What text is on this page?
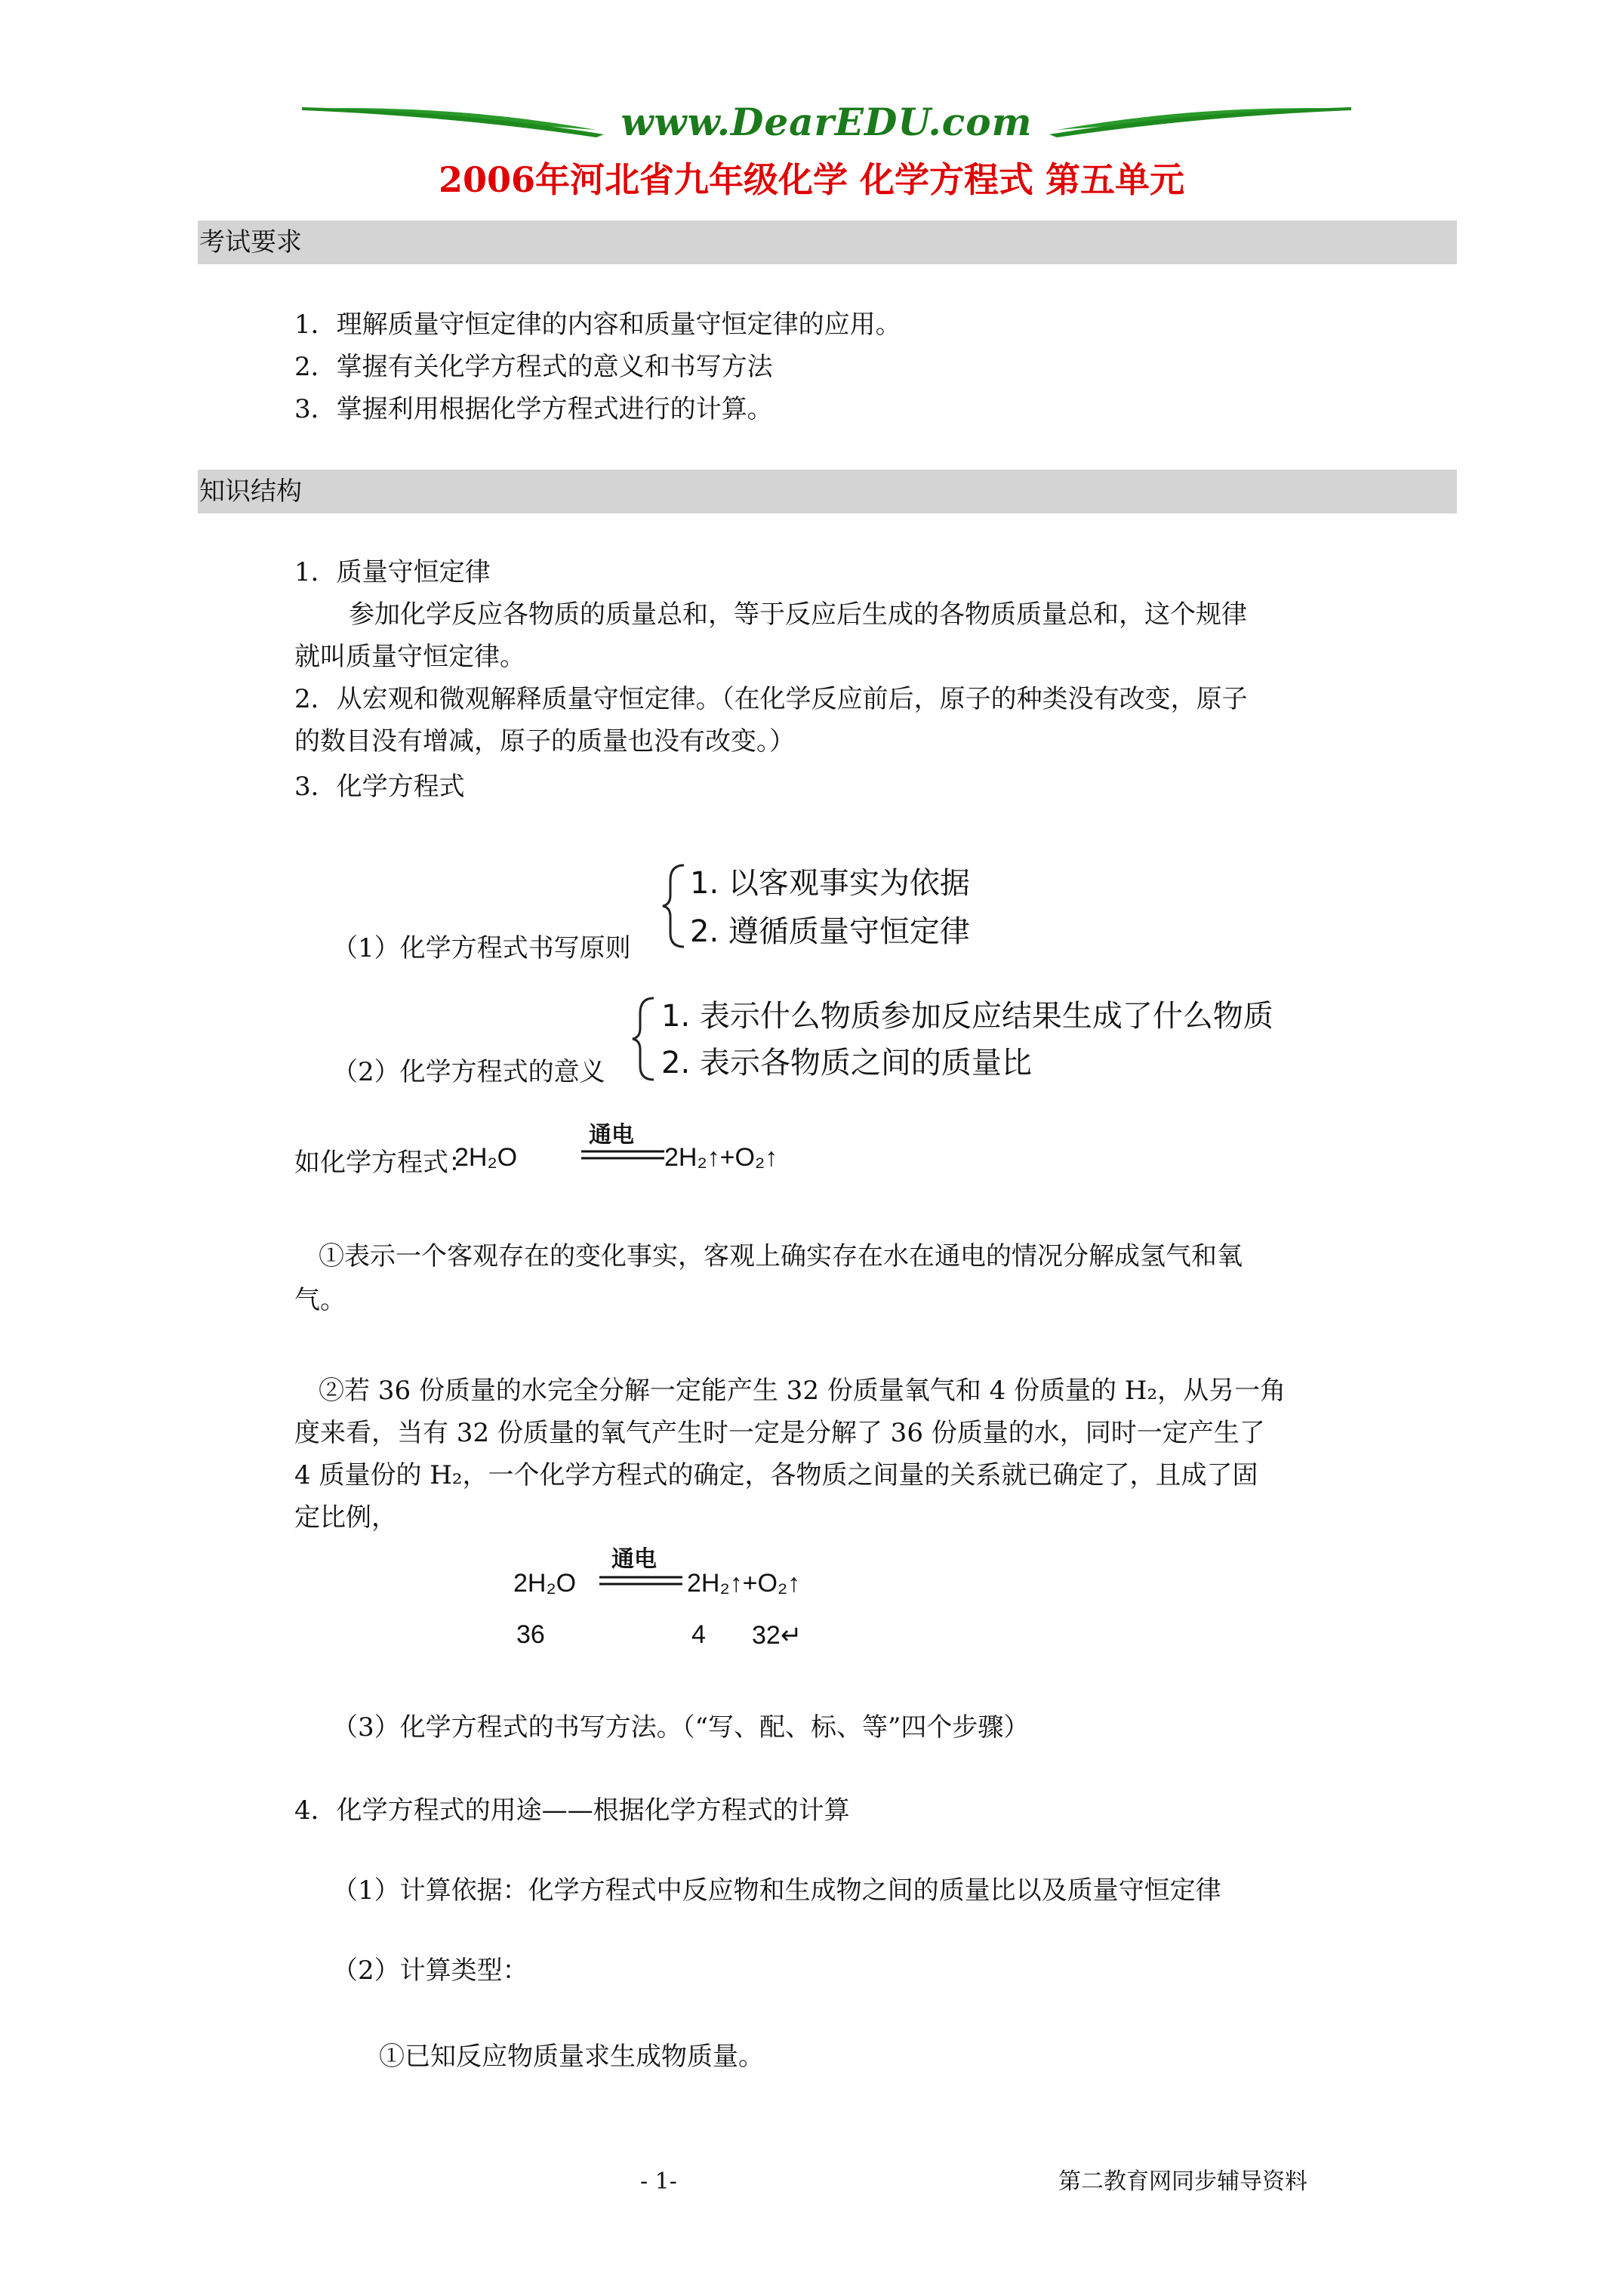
www.DearEDU.com
2006年河北省九年级化学 化学方程式 第五单元
考试要求
1．理解质量守恒定律的内容和质量守恒定律的应用。
2．掌握有关化学方程式的意义和书写方法
3．掌握利用根据化学方程式进行的计算。
知识结构
1．质量守恒定律
参加化学反应各物质的质量总和，等于反应后生成的各物质质量总和，这个规律
就叫质量守恒定律。
2．从宏观和微观解释质量守恒定律。（在化学反应前后，原子的种类没有改变，原子
的数目没有增减，原子的质量也没有改变。）
3．化学方程式
（1）化学方程式书写原则
1. 以客观事实为依据
2. 遵循质量守恒定律
（2）化学方程式的意义
1. 表示什么物质参加反应结果生成了什么物质
2. 表示各物质之间的质量比
如化学方程式：
2H₂O
通电
2H₂↑+O₂↑
①表示一个客观存在的变化事实，客观上确实存在水在通电的情况分解成氢气和氧
气。
②若 36 份质量的水完全分解一定能产生 32 份质量氧气和 4 份质量的 H₂，从另一角
度来看，当有 32 份质量的氧气产生时一定是分解了 36 份质量的水，同时一定产生了
4 质量份的 H₂，一个化学方程式的确定，各物质之间量的关系就已确定了，且成了固
定比例，
2H₂O
通电
2H₂↑+O₂↑
36	4 32↵
（3）化学方程式的书写方法。（“写、配、标、等”四个步骤）
4．化学方程式的用途——根据化学方程式的计算
（1）计算依据：化学方程式中反应物和生成物之间的质量比以及质量守恒定律
（2）计算类型：
①已知反应物质量求生成物质量。
- 1-	第二教育网同步辅导资料
